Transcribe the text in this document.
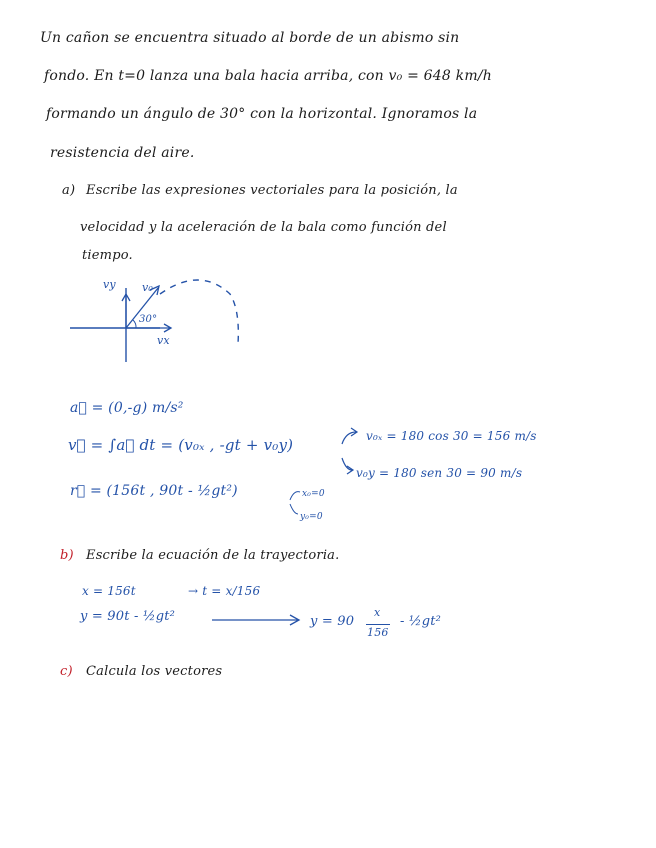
Un cañon se encuentra situado al borde de un abismo sin
fondo. En t=0 lanza una bala hacia arriba, con v₀ = 648 km/h
formando un ángulo de 30° con la horizontal. Ignoramos la
resistencia del aire.
a) Escribe las expresiones vectoriales para la posición, la
velocidad y la aceleración de la bala como función del
tiempo.
vy v₀
30°
vx
a⃗ = (0,-g) m/s²
v⃗ = ∫a⃗ dt = (v₀ₓ , -gt + v₀y)
r⃗ = (156t , 90t - ½gt²)
v₀ₓ = 180 cos 30 = 156 m/s
v₀y = 180 sen 30 = 90 m/s
x₀=0
y₀=0
b) Escribe la ecuación de la trayectoria.
x = 156t	→ t = x/156
y = 90t - ½gt²	y = 90
x
156
- ½gt²
c) Calcula los vectores
